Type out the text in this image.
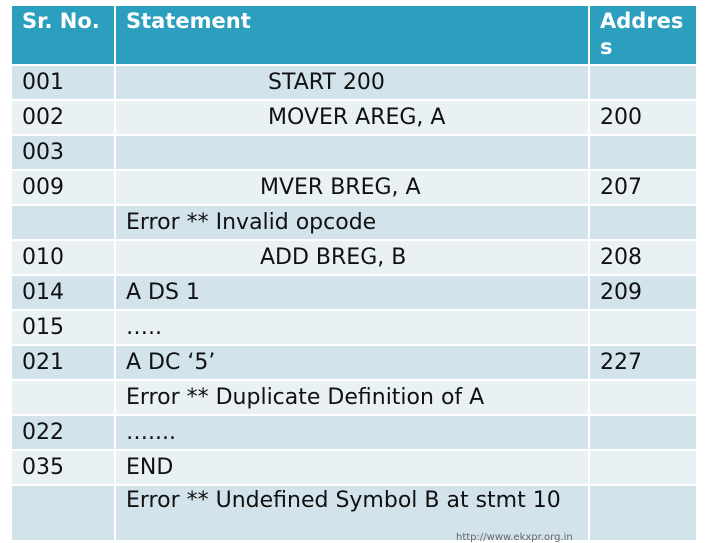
Sr. No.	Statement	Addres s
001	START 200	
002	MOVER AREG, A	200
003		
009	MVER BREG, A	207
	Error ** Invalid opcode	
010	ADD BREG, B	208
014	A DS 1	209
015	…..	
021	A DC ‘5’	227
	Error ** Duplicate Definition of A	
022	…....	
035	END	
	Error ** Undefined Symbol B at stmt 10	
http://www.ekxpr.org.in
